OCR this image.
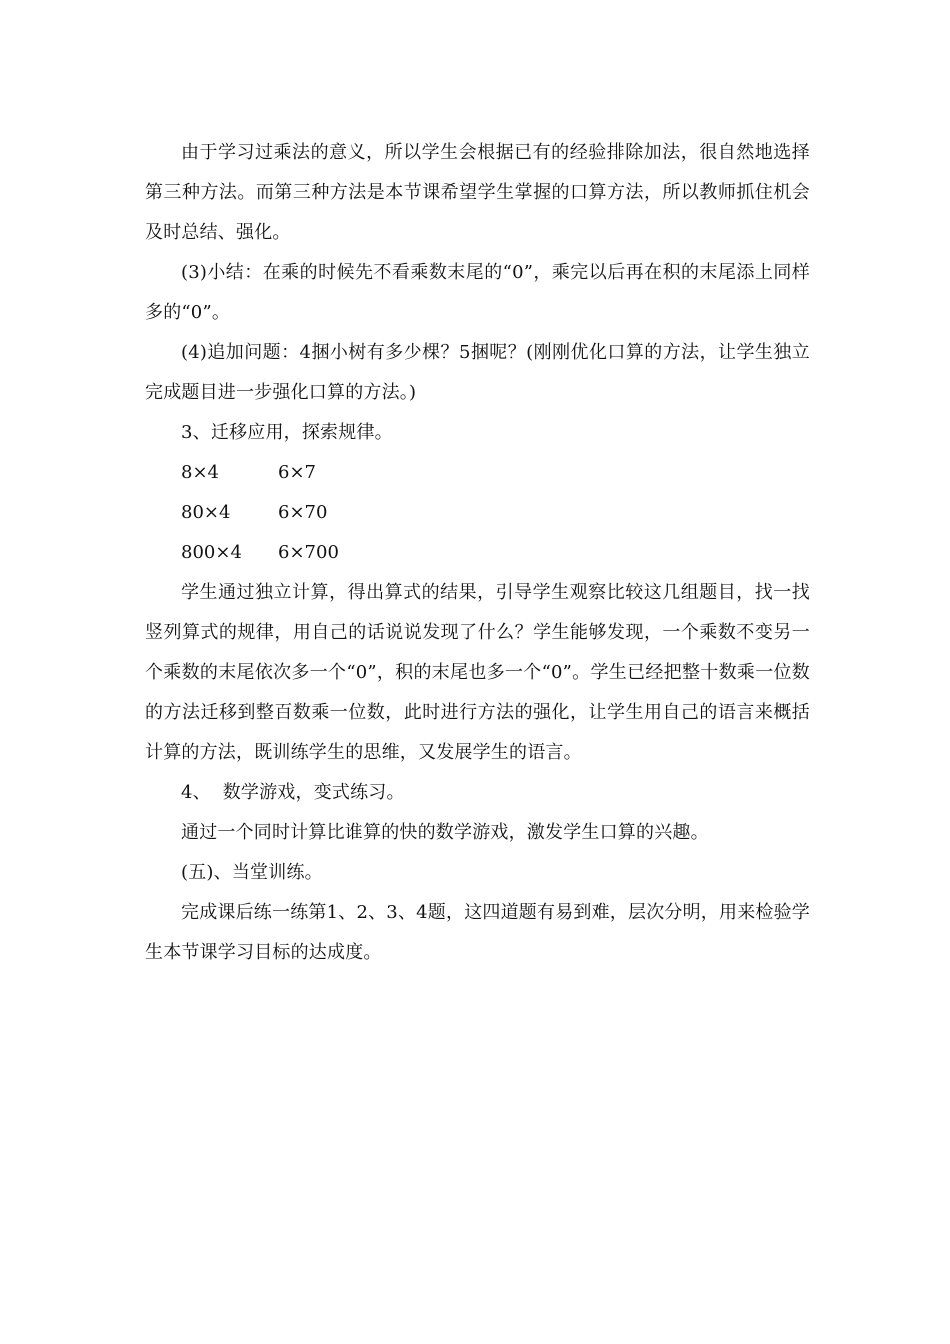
由于学习过乘法的意义，所以学生会根据已有的经验排除加法，很自然地选择第三种方法。而第三种方法是本节课希望学生掌握的口算方法，所以教师抓住机会及时总结、强化。

(3)小结：在乘的时候先不看乘数末尾的“0”，乘完以后再在积的末尾添上同样多的“0”。

(4)追加问题：4捆小树有多少棵？5捆呢？(刚刚优化口算的方法，让学生独立完成题目进一步强化口算的方法。)

3、迁移应用，探索规律。

8×4	6×7
80×4	6×70
800×4	6×700

学生通过独立计算，得出算式的结果，引导学生观察比较这几组题目，找一找竖列算式的规律，用自己的话说说发现了什么？学生能够发现，一个乘数不变另一个乘数的末尾依次多一个“0”，积的末尾也多一个“0”。学生已经把整十数乘一位数的方法迁移到整百数乘一位数，此时进行方法的强化，让学生用自己的语言来概括计算的方法，既训练学生的思维，又发展学生的语言。

4、  数学游戏，变式练习。

通过一个同时计算比谁算的快的数学游戏，激发学生口算的兴趣。

(五)、当堂训练。

完成课后练一练第1、2、3、4题，这四道题有易到难，层次分明，用来检验学生本节课学习目标的达成度。
